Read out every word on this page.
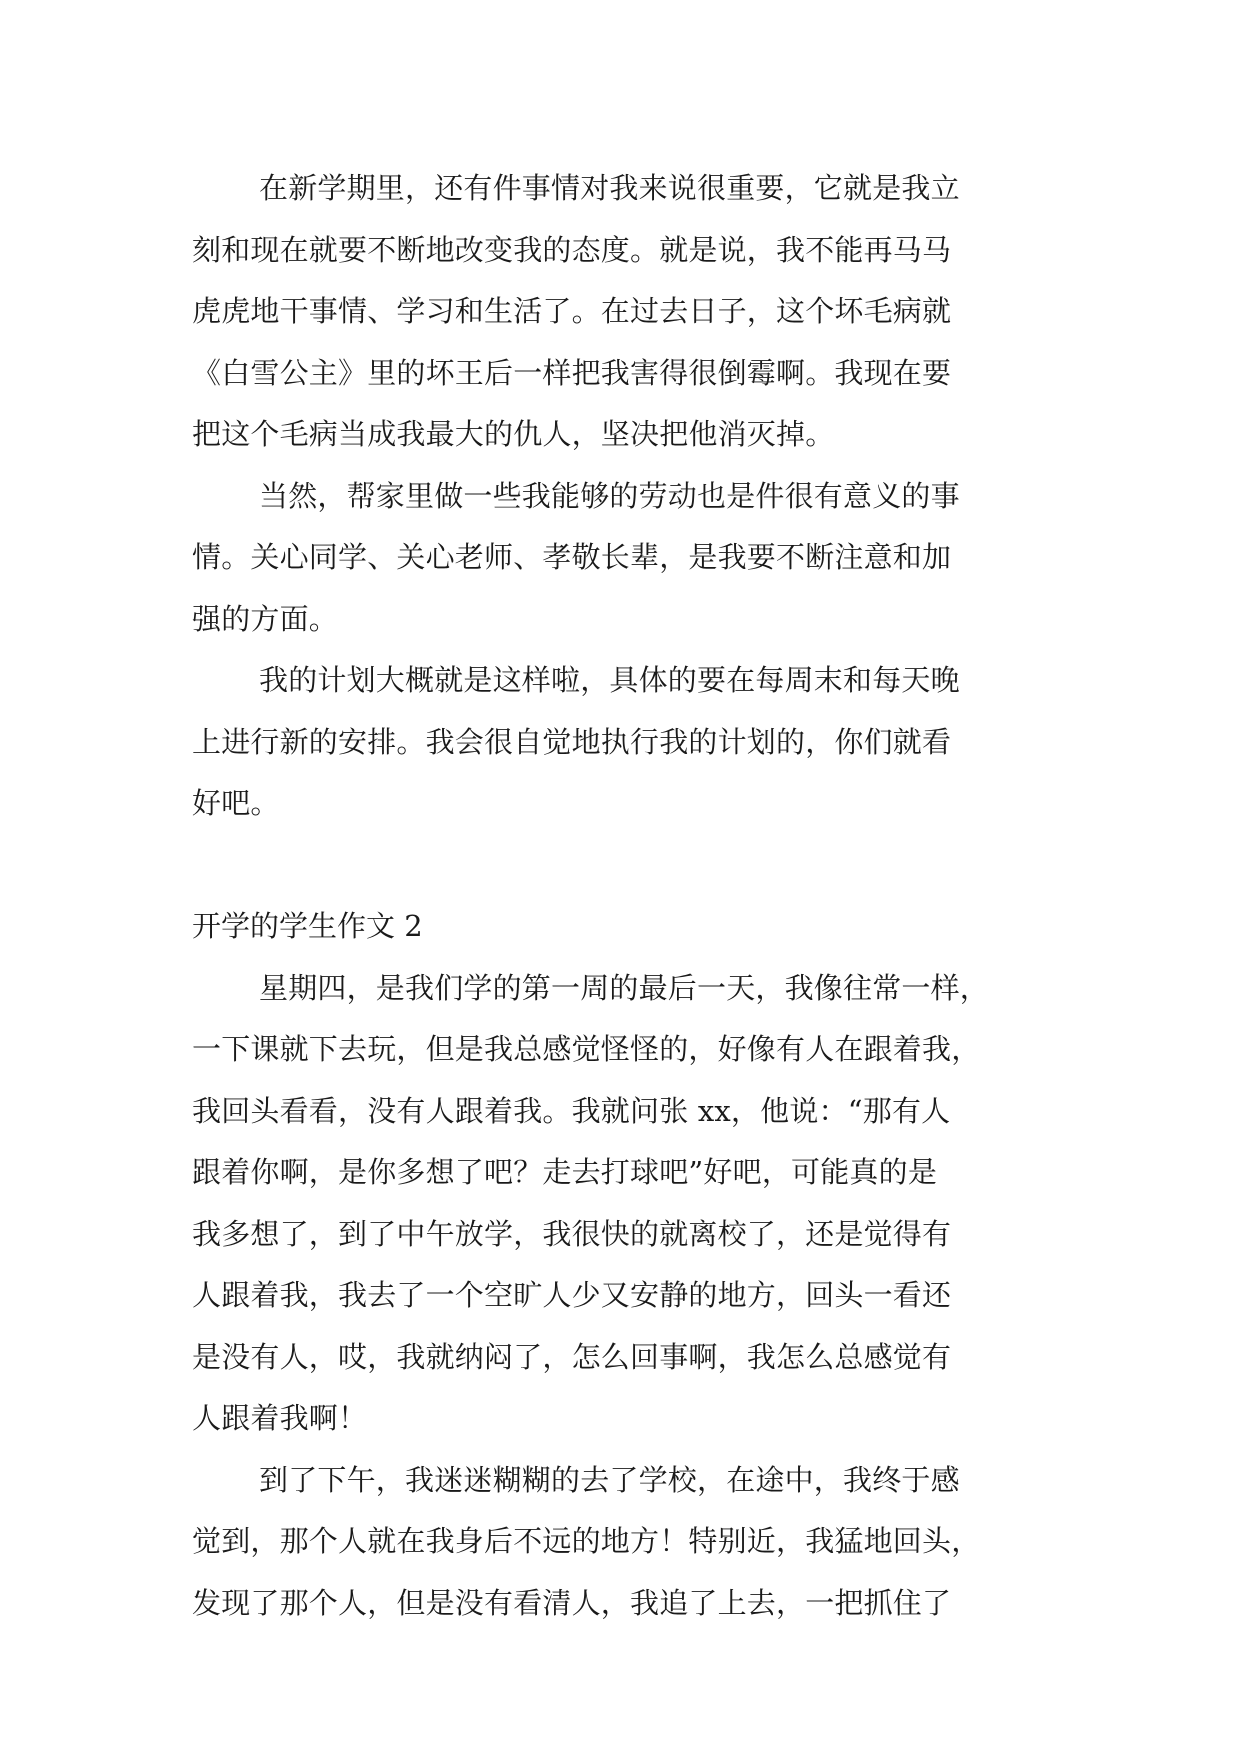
在新学期里，还有件事情对我来说很重要，它就是我立
刻和现在就要不断地改变我的态度。就是说，我不能再马马
虎虎地干事情、学习和生活了。在过去日子，这个坏毛病就
《白雪公主》里的坏王后一样把我害得很倒霉啊。我现在要
把这个毛病当成我最大的仇人，坚决把他消灭掉。
当然，帮家里做一些我能够的劳动也是件很有意义的事
情。关心同学、关心老师、孝敬长辈，是我要不断注意和加
强的方面。
我的计划大概就是这样啦，具体的要在每周末和每天晚
上进行新的安排。我会很自觉地执行我的计划的，你们就看
好吧。
开学的学生作文 2
星期四，是我们学的第一周的最后一天，我像往常一样，
一下课就下去玩，但是我总感觉怪怪的，好像有人在跟着我，
我回头看看，没有人跟着我。我就问张 xx，他说：“那有人
跟着你啊，是你多想了吧？走去打球吧”好吧，可能真的是
我多想了，到了中午放学，我很快的就离校了，还是觉得有
人跟着我，我去了一个空旷人少又安静的地方，回头一看还
是没有人，哎，我就纳闷了，怎么回事啊，我怎么总感觉有
人跟着我啊！
到了下午，我迷迷糊糊的去了学校，在途中，我终于感
觉到，那个人就在我身后不远的地方！特别近，我猛地回头，
发现了那个人，但是没有看清人，我追了上去，一把抓住了
